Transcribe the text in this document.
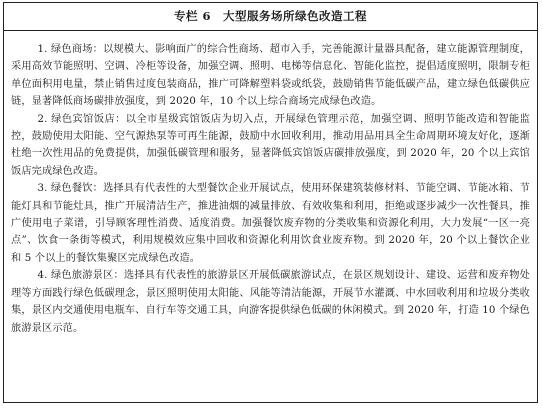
专栏 6 大型服务场所绿色改造工程

1. 绿色商场：以规模大、影响面广的综合性商场、超市入手，完善能源计量器具配备，建立能源管理制度，采用高效节能照明、空调、冷柜等设备，加强空调、照明、电梯等信息化、智能化监控，提倡适度照明，限制专柜单位面积用电量，禁止销售过度包装商品，推广可降解塑料袋或纸袋，鼓励销售节能低碳产品，建立绿色低碳供应链，显著降低商场碳排放强度，到 2020 年，10 个以上综合商场完成绿色改造。

2. 绿色宾馆饭店：以全市星级宾馆饭店为切入点，开展绿色管理示范，加强空调、照明节能改造和智能监控，鼓励使用太阳能、空气源热泵等可再生能源，鼓励中水回收利用，推动用品用具全生命周期环境友好化，逐渐杜绝一次性用品的免费提供，加强低碳管理和服务，显著降低宾馆饭店碳排放强度，到 2020 年，20 个以上宾馆饭店完成绿色改造。

3. 绿色餐饮：选择具有代表性的大型餐饮企业开展试点，使用环保建筑装修材料、节能空调、节能冰箱、节能灯具和节能灶具，推广开展清洁生产，推进油烟的减量排放、有效收集和利用，拒绝或逐步减少一次性餐具，推广使用电子菜谱，引导顾客理性消费、适度消费。加强餐饮废弃物的分类收集和资源化利用，大力发展“一区一亮点”、饮食一条街等模式，利用规模效应集中回收和资源化利用饮食业废弃物。到 2020 年，20 个以上餐饮企业和 5 个以上的餐饮集聚区完成绿色改造。

4. 绿色旅游景区：选择具有代表性的旅游景区开展低碳旅游试点，在景区规划设计、建设、运营和废弃物处理等方面践行绿色低碳理念，景区照明使用太阳能、风能等清洁能源，开展节水灌溉、中水回收利用和垃圾分类收集，景区内交通使用电瓶车、自行车等交通工具，向游客提供绿色低碳的休闲模式。到 2020 年，打造 10 个绿色旅游景区示范。
